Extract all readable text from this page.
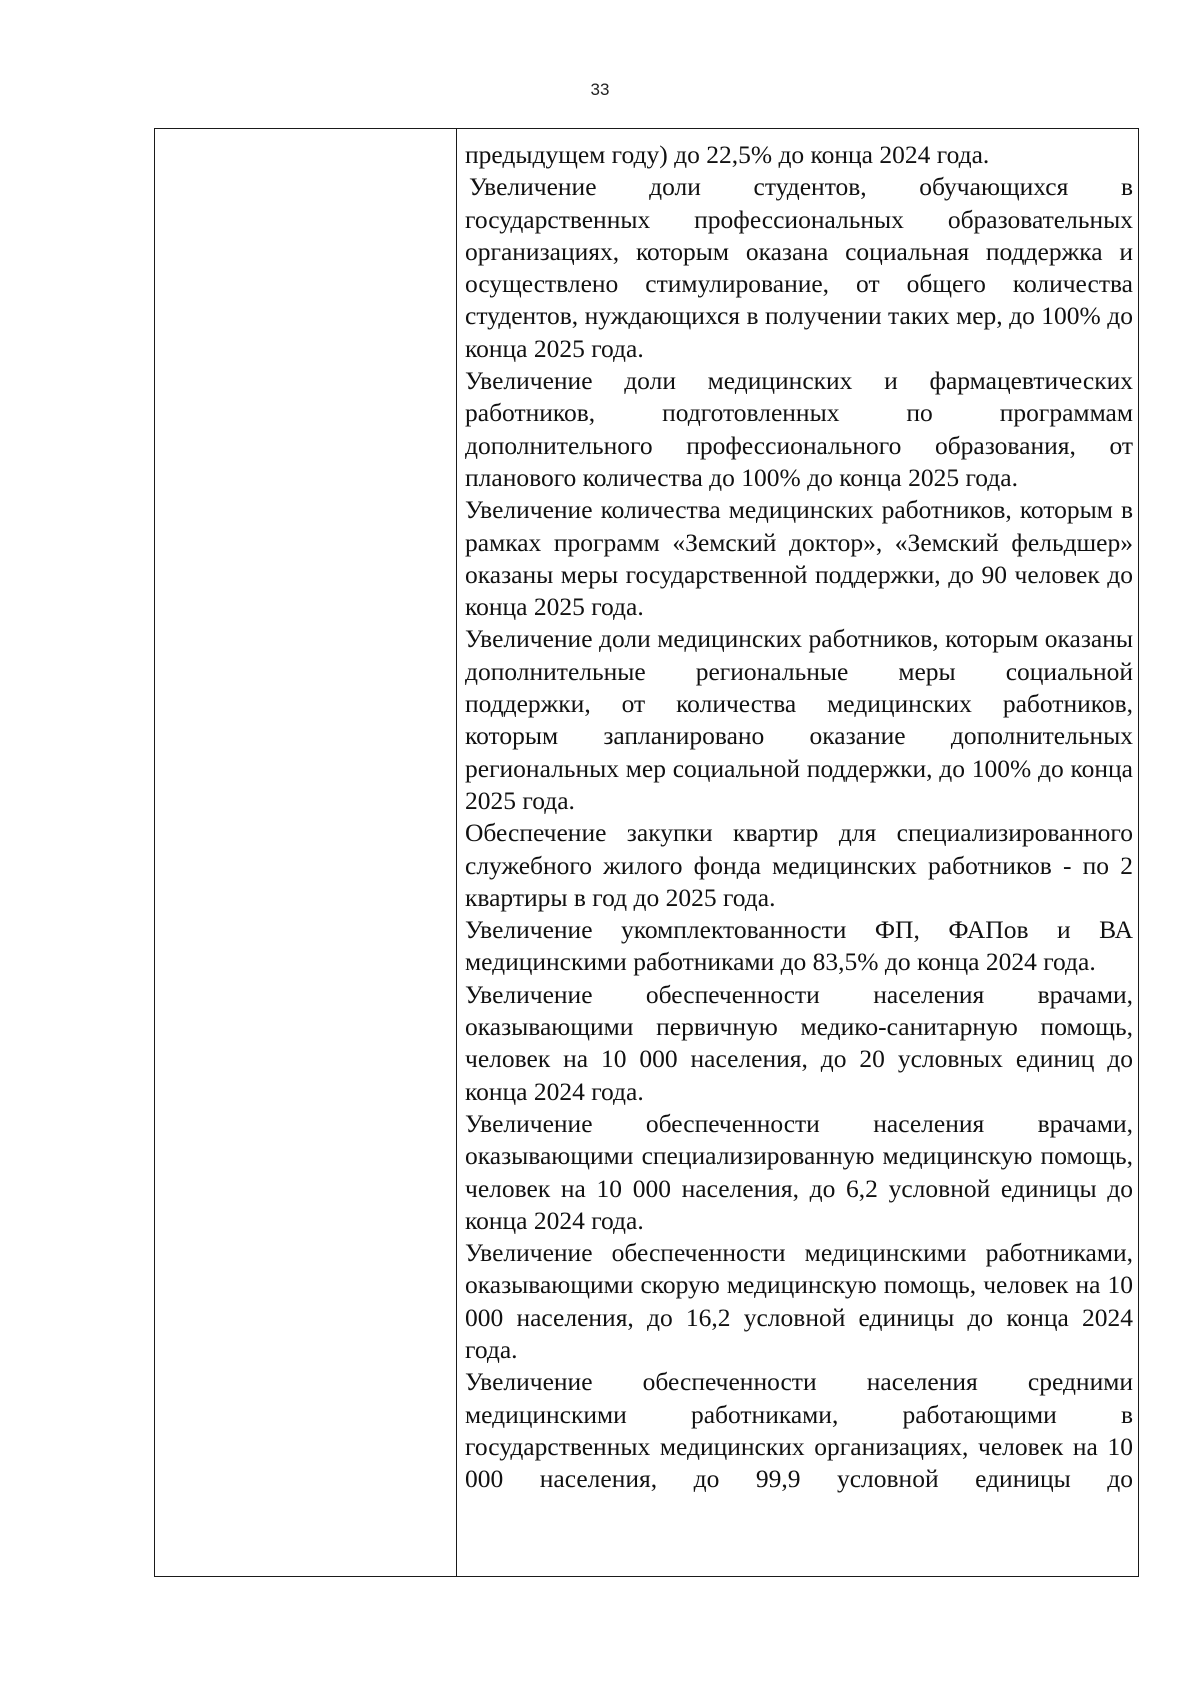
33

предыдущем году) до 22,5% до конца 2024 года.

Увеличение доли студентов, обучающихся в государственных профессиональных образовательных организациях, которым оказана социальная поддержка и осуществлено стимулирование, от общего количества студентов, нуждающихся в получении таких мер, до 100% до конца 2025 года.

Увеличение доли медицинских и фармацевтических работников, подготовленных по программам дополнительного профессионального образования, от планового количества до 100% до конца 2025 года.

Увеличение количества медицинских работников, которым в рамках программ «Земский доктор», «Земский фельдшер» оказаны меры государственной поддержки, до 90 человек до конца 2025 года.

Увеличение доли медицинских работников, которым оказаны дополнительные региональные меры социальной поддержки, от количества медицинских работников, которым запланировано оказание дополнительных региональных мер социальной поддержки, до 100% до конца 2025 года.

Обеспечение закупки квартир для специализированного служебного жилого фонда медицинских работников - по 2 квартиры в год до 2025 года.

Увеличение укомплектованности ФП, ФАПов и ВА медицинскими работниками до 83,5% до конца 2024 года.

Увеличение обеспеченности населения врачами, оказывающими первичную медико-санитарную помощь, человек на 10 000 населения, до 20 условных единиц до конца 2024 года.

Увеличение обеспеченности населения врачами, оказывающими специализированную медицинскую помощь, человек на 10 000 населения, до 6,2 условной единицы до конца 2024 года.

Увеличение обеспеченности медицинскими работниками, оказывающими скорую медицинскую помощь, человек на 10 000 населения, до 16,2 условной единицы до конца 2024 года.

Увеличение обеспеченности населения средними медицинскими работниками, работающими в государственных медицинских организациях, человек на 10 000 населения, до 99,9 условной единицы до
